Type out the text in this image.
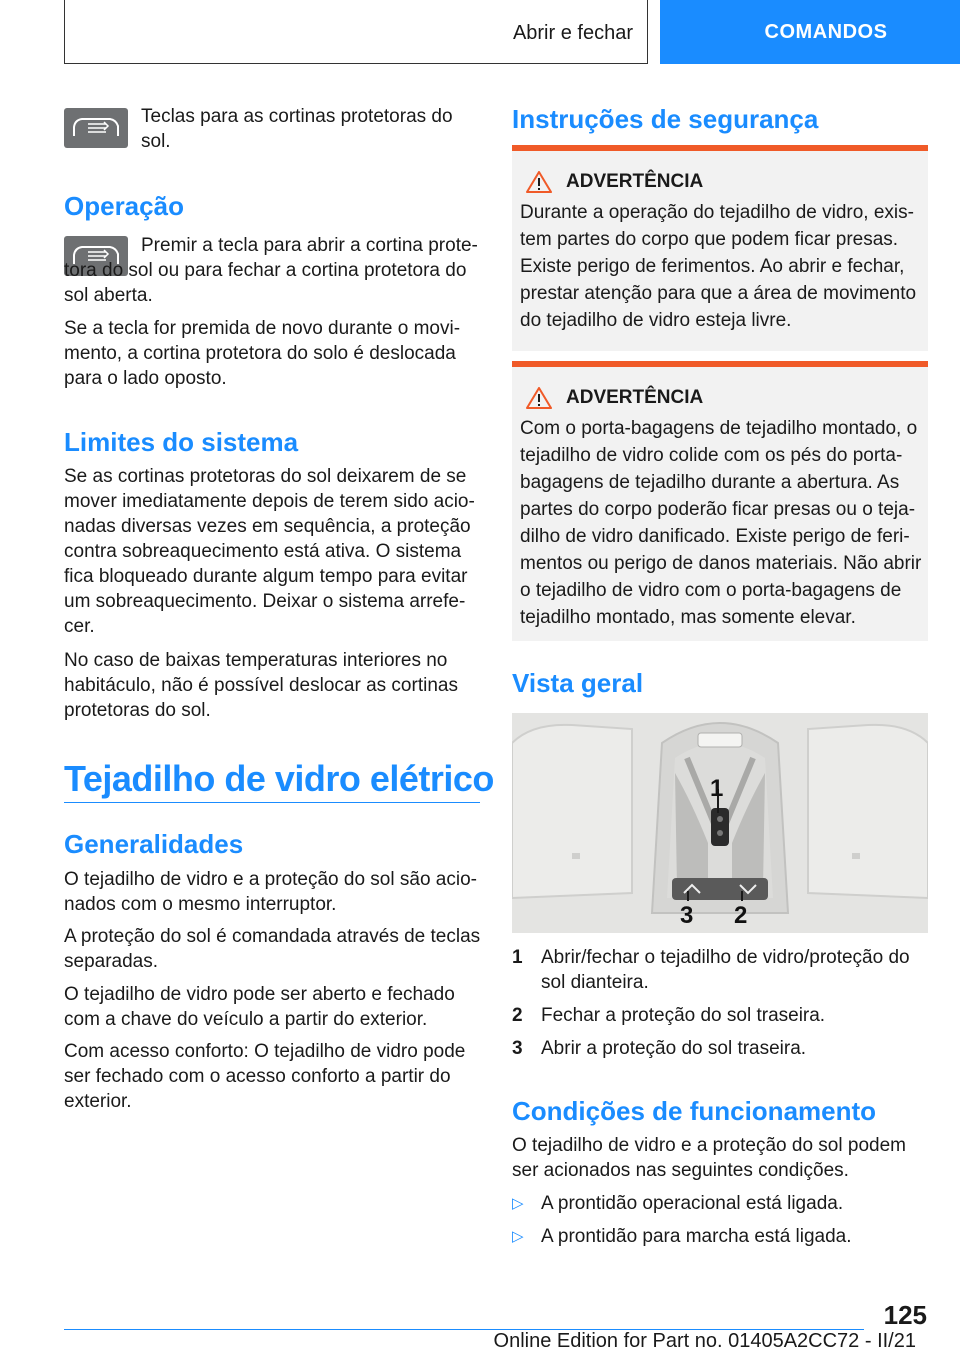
Abrir e fechar	COMANDOS

Teclas para as cortinas protetoras do sol.

Operação

Premir a tecla para abrir a cortina protetora do sol ou para fechar a cortina protetora do sol aberta.

Se a tecla for premida de novo durante o movimento, a cortina protetora do solo é deslocada para o lado oposto.

Limites do sistema

Se as cortinas protetoras do sol deixarem de se mover imediatamente depois de terem sido acionadas diversas vezes em sequência, a proteção contra sobreaquecimento está ativa. O sistema fica bloqueado durante algum tempo para evitar um sobreaquecimento. Deixar o sistema arrefecer.

No caso de baixas temperaturas interiores no habitáculo, não é possível deslocar as cortinas protetoras do sol.

Tejadilho de vidro elétrico
Generalidades

O tejadilho de vidro e a proteção do sol são acionados com o mesmo interruptor.

A proteção do sol é comandada através de teclas separadas.

O tejadilho de vidro pode ser aberto e fechado com a chave do veículo a partir do exterior.

Com acesso conforto: O tejadilho de vidro pode ser fechado com o acesso conforto a partir do exterior.

Instruções de segurança
ADVERTÊNCIA

Durante a operação do tejadilho de vidro, existem partes do corpo que podem ficar presas. Existe perigo de ferimentos. Ao abrir e fechar, prestar atenção para que a área de movimento do tejadilho de vidro esteja livre.

ADVERTÊNCIA

Com o porta-bagagens de tejadilho montado, o tejadilho de vidro colide com os pés do porta-bagagens de tejadilho durante a abertura. As partes do corpo poderão ficar presas ou o tejadilho de vidro danificado. Existe perigo de ferimentos ou perigo de danos materiais. Não abrir o tejadilho de vidro com o porta-bagagens de tejadilho montado, mas somente elevar.

Vista geral
1
3 2
1 Abrir/fechar o tejadilho de vidro/proteção do sol dianteira.
2 Fechar a proteção do sol traseira.
3 Abrir a proteção do sol traseira.
Condições de funcionamento

O tejadilho de vidro e a proteção do sol podem ser acionados nas seguintes condições.

▷ A prontidão operacional está ligada.
▷ A prontidão para marcha está ligada.
125
Online Edition for Part no. 01405A2CC72 - II/21
